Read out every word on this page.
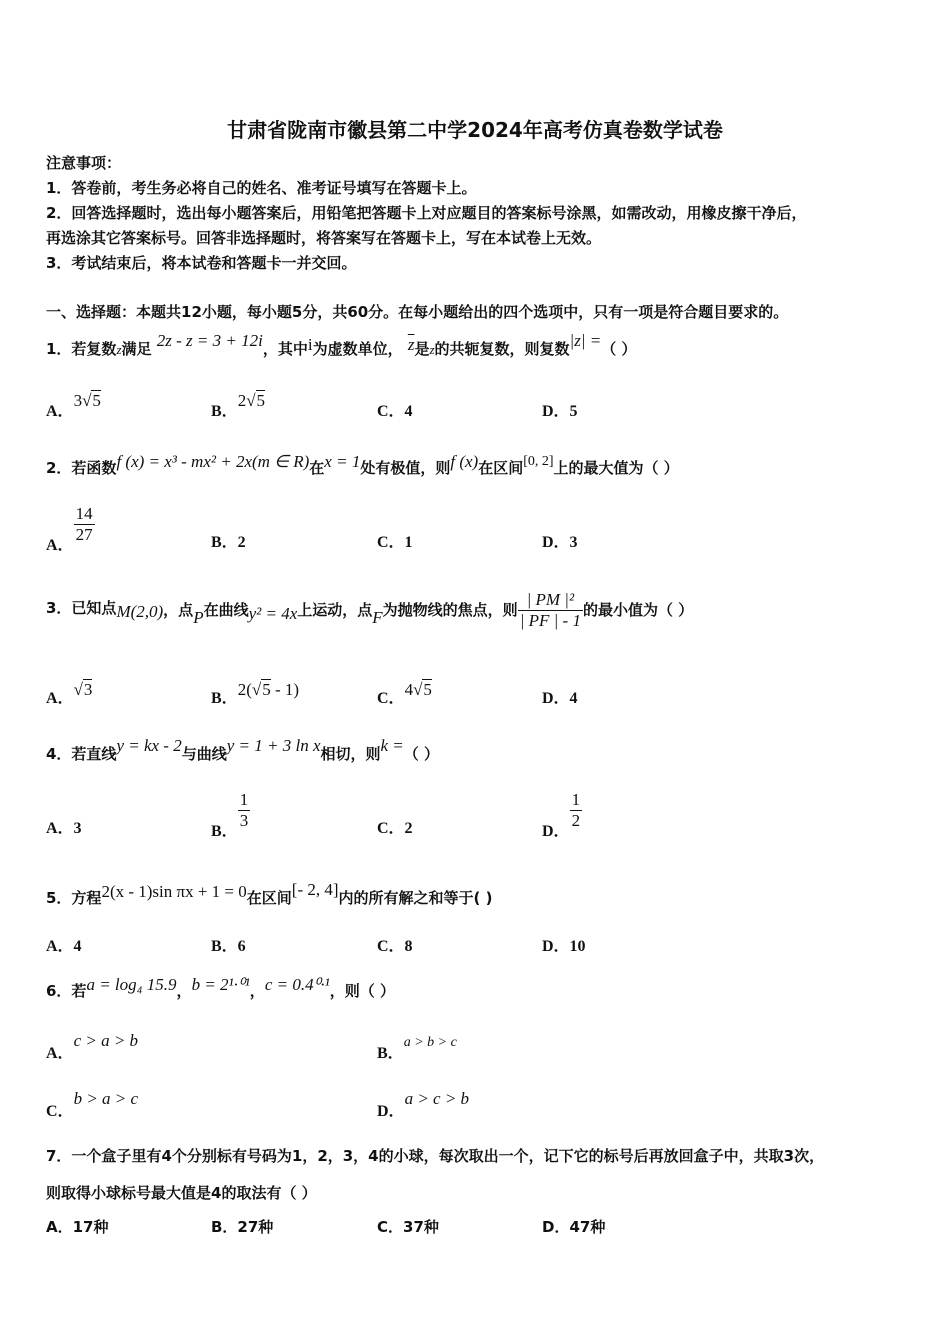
甘肃省陇南市徽县第二中学2024年高考仿真卷数学试卷
注意事项：
1．答卷前，考生务必将自己的姓名、准考证号填写在答题卡上。
2．回答选择题时，选出每小题答案后，用铅笔把答题卡上对应题目的答案标号涂黑，如需改动，用橡皮擦干净后，
再选涂其它答案标号。回答非选择题时，将答案写在答题卡上，写在本试卷上无效。
3．考试结束后，将本试卷和答题卡一并交回。
一、选择题：本题共12小题，每小题5分，共60分。在每小题给出的四个选项中，只有一项是符合题目要求的。
1．若复数z满足 2z - z = 3 + 12i，其中i为虚数单位， $\overline{z}$是z的共轭复数，则复数|z| =（ ）
A．3√5
B．2√5
C．4	D．5
2．若函数f (x) = x³ - mx² + 2x(m ∈ R)在x = 1处有极值，则f (x)在区间[0, 2]上的最大值为（ ）
A．
$\frac{14}{27}$	B．2	C．1	D．3
3．已知点M(2,0)，点P在曲线y² = 4x上运动，点F为抛物线的焦点，则 $\frac{\text{| PM |²}}{| PF | - 1}$ 的最小值为（ ）
A．√3	B．2(√5 - 1)	C．4√5	D．4
4．若直线y = kx - 2与曲线y = 1 + 3 ln x相切，则k =（ ）
A．3	B．
$\frac{1}{3}$	C．2	D．
$\frac{1}{2}$
5．方程2(x - 1)sin πx + 1 = 0在区间[- 2, 4]内的所有解之和等于( )
A．4	B．6	C．8	D．10
6．若a = log₄ 15.9，b = 2¹·⁰¹，c = 0.4⁰·¹，则（ ）
A．c > a > b
B．a > b > c
C．b > a > c
D．a > c > b
7．一个盒子里有4个分别标有号码为1，2，3，4的小球，每次取出一个，记下它的标号后再放回盒子中，共取3次，
则取得小球标号最大值是4的取法有（ ）
A．17种	B．27种	C．37种	D．47种
